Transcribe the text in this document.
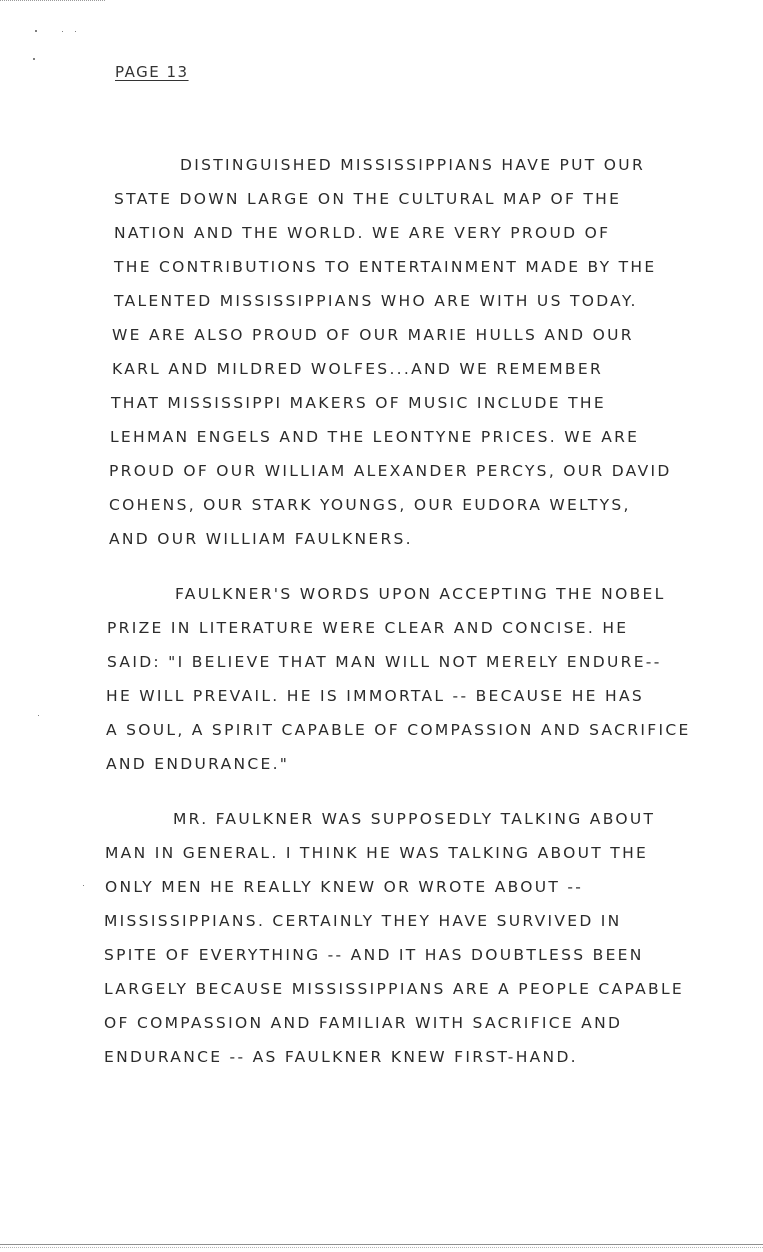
PAGE 13
DISTINGUISHED MISSISSIPPIANS HAVE PUT OUR
STATE DOWN LARGE ON THE CULTURAL MAP OF THE
NATION AND THE WORLD. WE ARE VERY PROUD OF
THE CONTRIBUTIONS TO ENTERTAINMENT MADE BY THE
TALENTED MISSISSIPPIANS WHO ARE WITH US TODAY.
WE ARE ALSO PROUD OF OUR MARIE HULLS AND OUR
KARL AND MILDRED WOLFES...AND WE REMEMBER
THAT MISSISSIPPI MAKERS OF MUSIC INCLUDE THE
LEHMAN ENGELS AND THE LEONTYNE PRICES. WE ARE
PROUD OF OUR WILLIAM ALEXANDER PERCYS, OUR DAVID
COHENS, OUR STARK YOUNGS, OUR EUDORA WELTYS,
AND OUR WILLIAM FAULKNERS.
FAULKNER'S WORDS UPON ACCEPTING THE NOBEL
PRIZE IN LITERATURE WERE CLEAR AND CONCISE. HE
SAID: "I BELIEVE THAT MAN WILL NOT MERELY ENDURE--
HE WILL PREVAIL. HE IS IMMORTAL -- BECAUSE HE HAS
A SOUL, A SPIRIT CAPABLE OF COMPASSION AND SACRIFICE
AND ENDURANCE."
MR. FAULKNER WAS SUPPOSEDLY TALKING ABOUT
MAN IN GENERAL. I THINK HE WAS TALKING ABOUT THE
ONLY MEN HE REALLY KNEW OR WROTE ABOUT --
MISSISSIPPIANS. CERTAINLY THEY HAVE SURVIVED IN
SPITE OF EVERYTHING -- AND IT HAS DOUBTLESS BEEN
LARGELY BECAUSE MISSISSIPPIANS ARE A PEOPLE CAPABLE
OF COMPASSION AND FAMILIAR WITH SACRIFICE AND
ENDURANCE -- AS FAULKNER KNEW FIRST-HAND.
